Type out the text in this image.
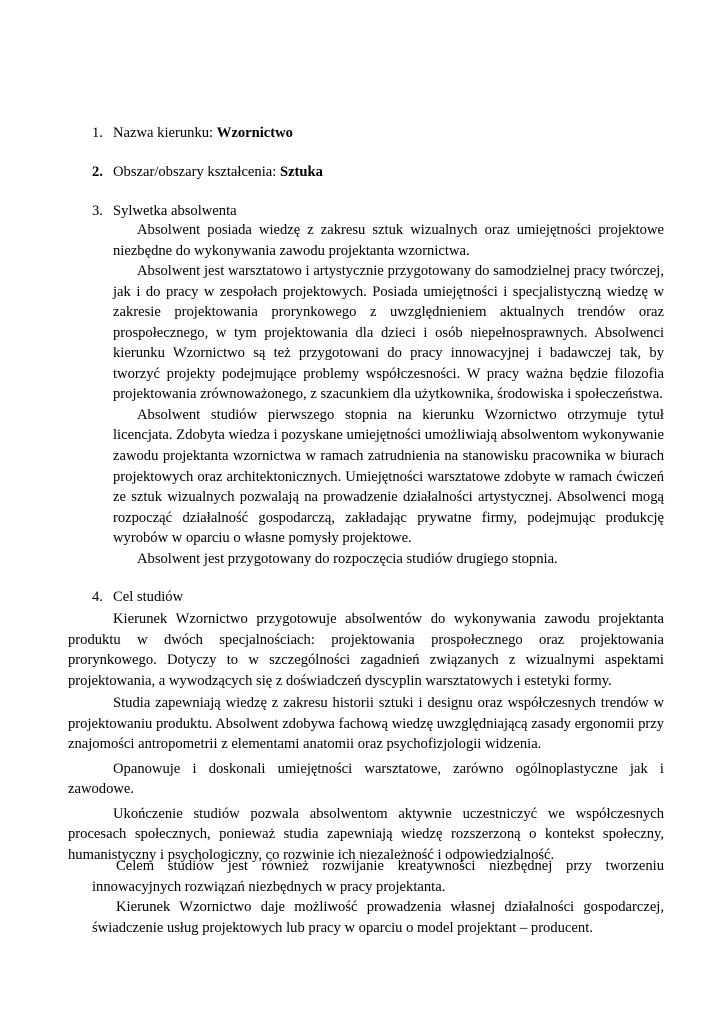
1. Nazwa kierunku: Wzornictwo
2. Obszar/obszary kształcenia: Sztuka
3. Sylwetka absolwenta

Absolwent posiada wiedzę z zakresu sztuk wizualnych oraz umiejętności projektowe niezbędne do wykonywania zawodu projektanta wzornictwa.

Absolwent jest warsztatowo i artystycznie przygotowany do samodzielnej pracy twórczej, jak i do pracy w zespołach projektowych. Posiada umiejętności i specjalistyczną wiedzę w zakresie projektowania prorynkowego z uwzględnieniem aktualnych trendów oraz prospołecznego, w tym projektowania dla dzieci i osób niepełnosprawnych. Absolwenci kierunku Wzornictwo są też przygotowani do pracy innowacyjnej i badawczej tak, by tworzyć projekty podejmujące problemy współczesności. W pracy ważna będzie filozofia projektowania zrównoważonego, z szacunkiem dla użytkownika, środowiska i społeczeństwa.

Absolwent studiów pierwszego stopnia na kierunku Wzornictwo otrzymuje tytuł licencjata. Zdobyta wiedza i pozyskane umiejętności umożliwiają absolwentom wykonywanie zawodu projektanta wzornictwa w ramach zatrudnienia na stanowisku pracownika w biurach projektowych oraz architektonicznych. Umiejętności warsztatowe zdobyte w ramach ćwiczeń ze sztuk wizualnych pozwalają na prowadzenie działalności artystycznej. Absolwenci mogą rozpocząć działalność gospodarczą, zakładając prywatne firmy, podejmując produkcję wyrobów w oparciu o własne pomysły projektowe.

Absolwent jest przygotowany do rozpoczęcia studiów drugiego stopnia.

4. Cel studiów

Kierunek Wzornictwo przygotowuje absolwentów do wykonywania zawodu projektanta produktu w dwóch specjalnościach: projektowania prospołecznego oraz projektowania prorynkowego. Dotyczy to w szczególności zagadnień związanych z wizualnymi aspektami projektowania, a wywodzących się z doświadczeń dyscyplin warsztatowych i estetyki formy.

Studia zapewniają wiedzę z zakresu historii sztuki i designu oraz współczesnych trendów w projektowaniu produktu. Absolwent zdobywa fachową wiedzę uwzględniającą zasady ergonomii przy znajomości antropometrii z elementami anatomii oraz psychofizjologii widzenia.

Opanowuje i doskonali umiejętności warsztatowe, zarówno ogólnoplastyczne jak i zawodowe.

Ukończenie studiów pozwala absolwentom aktywnie uczestniczyć we współczesnych procesach społecznych, ponieważ studia zapewniają wiedzę rozszerzoną o kontekst społeczny, humanistyczny i psychologiczny, co rozwinie ich niezależność i odpowiedzialność.

Celem studiów jest również rozwijanie kreatywności niezbędnej przy tworzeniu innowacyjnych rozwiązań niezbędnych w pracy projektanta.

Kierunek Wzornictwo daje możliwość prowadzenia własnej działalności gospodarczej, świadczenie usług projektowych lub pracy w oparciu o model projektant – producent.
